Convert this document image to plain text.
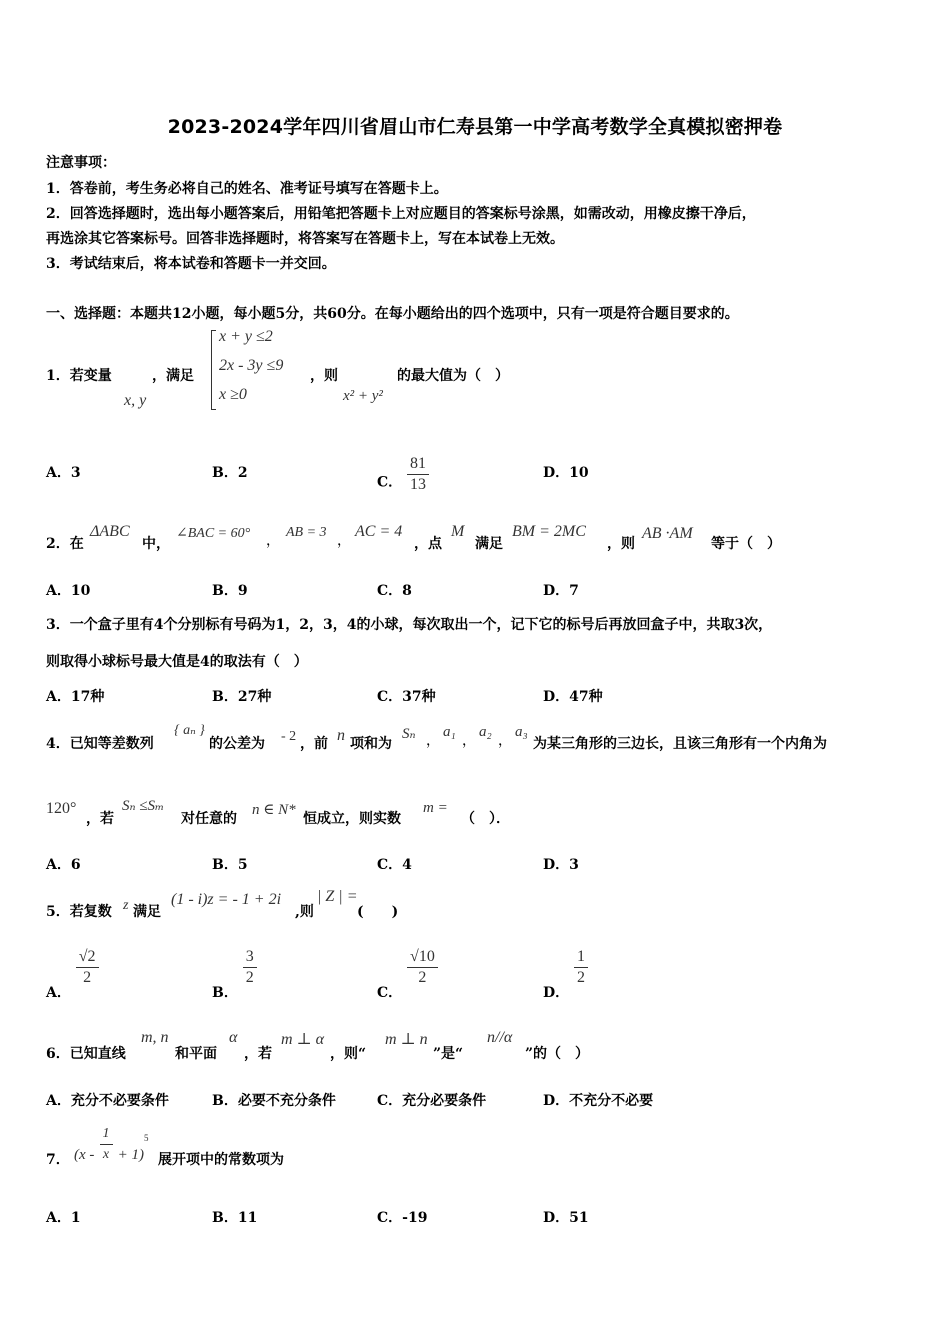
2023-2024学年四川省眉山市仁寿县第一中学高考数学全真模拟密押卷
注意事项：
1．答卷前，考生务必将自己的姓名、准考证号填写在答题卡上。
2．回答选择题时，选出每小题答案后，用铅笔把答题卡上对应题目的答案标号涂黑，如需改动，用橡皮擦干净后，
再选涂其它答案标号。回答非选择题时，将答案写在答题卡上，写在本试卷上无效。
3．考试结束后，将本试卷和答题卡一并交回。
一、选择题：本题共12小题，每小题5分，共60分。在每小题给出的四个选项中，只有一项是符合题目要求的。
1．若变量
x, y
，满足
x + y ≤2
2x - 3y ≤9
x ≥0
，则
x² + y²
的最大值为（　）
A．3	B．2
C． $\frac{81}{13}$	D．10
2．在
ΔABC
中，
∠BAC = 60° ，
AB = 3
，
AC = 4
，点
M
满足
BM = 2MC
，则
AB ·AM
等于（　）
A．10	B．9	C．8	D．7
3．一个盒子里有4个分别标有号码为1，2，3，4的小球，每次取出一个，记下它的标号后再放回盒子中，共取3次，
则取得小球标号最大值是4的取法有（　）
A．17种	B．27种	C．37种	D．47种
4．已知等差数列
{ aₙ }
的公差为 - 2 ，前 n 项和为
Sₙ ，
a₁
，
a₂
，
a₃
为某三角形的三边长，且该三角形有一个内角为
120°
，若
Sₙ ≤Sₘ
对任意的
n ∈ N*
恒成立，则实数
m =
（　）．
A．6	B．5	C．4	D．3
5．若复数 z 满足
(1 - i)z = - 1 + 2i
,则
| Z | =
(　　)
A．
$\frac{√2}{2}$
B．
$\frac{3}{2}$
C．
$\frac{√10}{2}$
D．
$\frac{1}{2}$
6．已知直线
m, n
和平面
α
，若
m ⊥ α
，则“
m ⊥ n
”是“
n//α
”的（　）
A．充分不必要条件	B．必要不充分条件	C．充分必要条件	D．不充分不必要
7． $(x - \frac{1}{x} + 1)^5$
展开项中的常数项为
A．1	B．11	C．-19	D．51
